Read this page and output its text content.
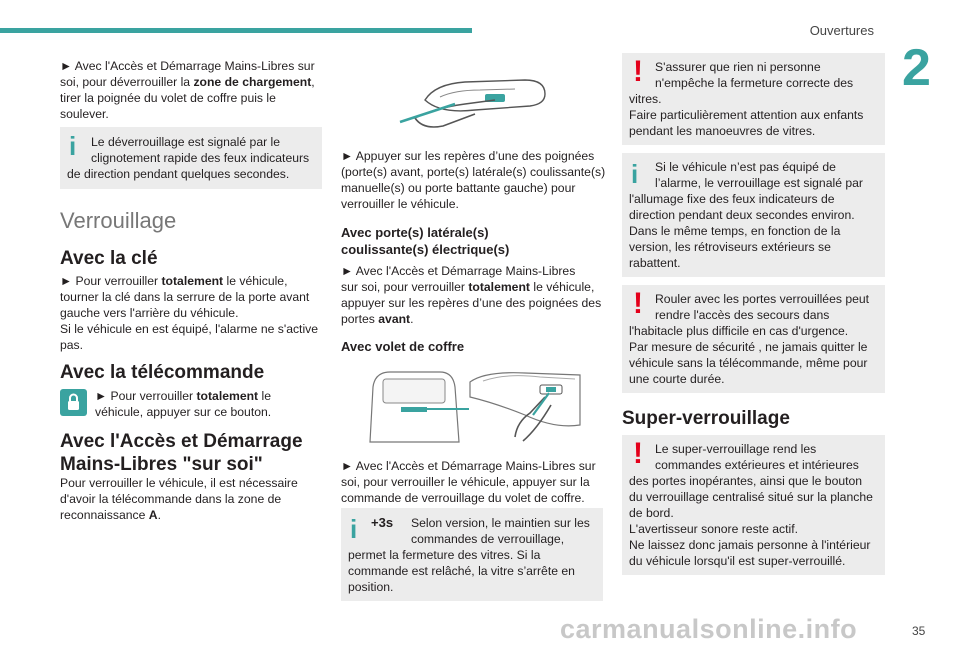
Ouvertures
2

► Avec l'Accès et Démarrage Mains-Libres sur
soi, pour déverrouiller la zone de chargement,
tirer la poignée du volet de coffre puis le
soulever.

i Le déverrouillage est signalé par le
clignotement rapide des feux indicateurs

de direction pendant quelques secondes.

Verrouillage
Avec la clé

► Pour verrouiller totalement le véhicule,
tourner la clé dans la serrure de la porte avant
gauche vers l'arrière du véhicule.
Si le véhicule en est équipé, l'alarme ne s'active
pas.

Avec la télécommande

► Pour verrouiller totalement le
véhicule, appuyer sur ce bouton.

Avec l'Accès et Démarrage
Mains-Libres "sur soi"

Pour verrouiller le véhicule, il est nécessaire
d'avoir la télécommande dans la zone de
reconnaissance A.

► Appuyer sur les repères d’une des poignées
(porte(s) avant, porte(s) latérale(s) coulissante(s)
manuelle(s) ou porte battante gauche) pour
verrouiller le véhicule.

Avec porte(s) latérale(s)
coulissante(s) électrique(s)

► Avec l'Accès et Démarrage Mains-Libres
sur soi, pour verrouiller totalement le véhicule,
appuyer sur les repères d’une des poignées des
portes avant.

Avec volet de coffre

► Avec l'Accès et Démarrage Mains-Libres sur
soi, pour verrouiller le véhicule, appuyer sur la
commande de verrouillage du volet de coffre.

i +3s Selon version, le maintien sur les
commandes de verrouillage,

permet la fermeture des vitres. Si la
commande est relâché, la vitre s’arrête en
position.

! S'assurer que rien ni personne
n'empêche la fermeture correcte des

vitres.
Faire particulièrement attention aux enfants
pendant les manoeuvres de vitres.

i Si le véhicule n’est pas équipé de
l’alarme, le verrouillage est signalé par

l'allumage fixe des feux indicateurs de
direction pendant deux secondes environ.
Dans le même temps, en fonction de la
version, les rétroviseurs extérieurs se
rabattent.

! Rouler avec les portes verrouillées peut
rendre l'accès des secours dans

l'habitacle plus difficile en cas d'urgence.
Par mesure de sécurité , ne jamais quitter le
véhicule sans la télécommande, même pour
une courte durée.

Super-verrouillage
! Le super-verrouillage rend les
commandes extérieures et intérieures

des portes inopérantes, ainsi que le bouton
du verrouillage centralisé situé sur la planche
de bord.
L'avertisseur sonore reste actif.
Ne laissez donc jamais personne à l'intérieur
du véhicule lorsqu'il est super-verrouillé.

carmanualsonline.info	35
